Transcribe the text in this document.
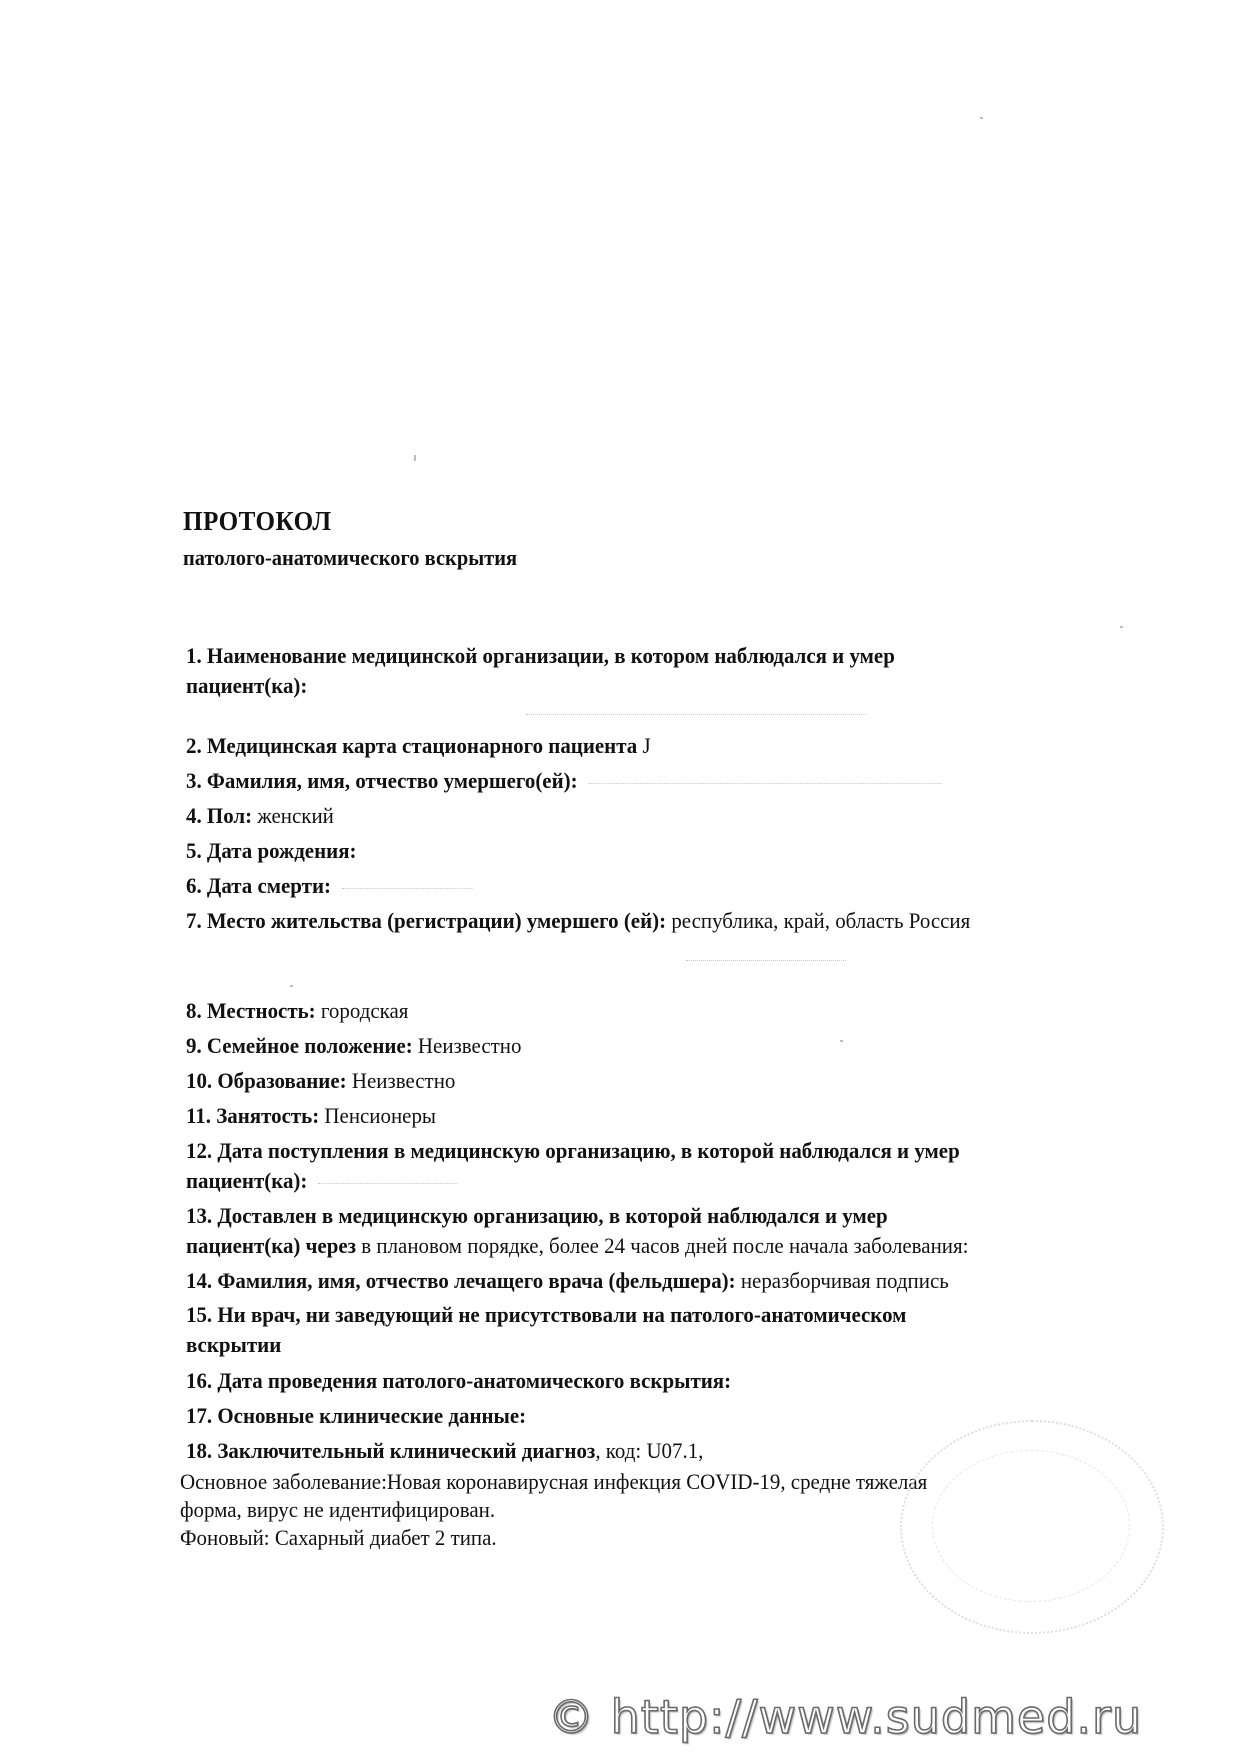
ПРОТОКОЛ
патолого-анатомического вскрытия
1. Наименование медицинской организации, в котором наблюдался и умер
пациент(ка):
2. Медицинская карта стационарного пациента Ј
3. Фамилия, имя, отчество умершего(ей):
4. Пол: женский
5. Дата рождения:
6. Дата смерти:
7. Место жительства (регистрации) умершего (ей): республика, край, область Россия
8. Местность: городская
9. Семейное положение: Неизвестно
10. Образование: Неизвестно
11. Занятость: Пенсионеры
12. Дата поступления в медицинскую организацию, в которой наблюдался и умер
пациент(ка):
13. Доставлен в медицинскую организацию, в которой наблюдался и умер
пациент(ка) через в плановом порядке, более 24 часов дней после начала заболевания:
14. Фамилия, имя, отчество лечащего врача (фельдшера): неразборчивая подпись
15. Ни врач, ни заведующий не присутствовали на патолого-анатомическом
вскрытии
16. Дата проведения патолого-анатомического вскрытия:
17. Основные клинические данные:
18. Заключительный клинический диагноз, код: U07.1,
Основное заболевание:Новая коронавирусная инфекция COVID-19, средне тяжелая
форма, вирус не идентифицирован.
Фоновый: Сахарный диабет 2 типа.
© http://www.sudmed.ru
